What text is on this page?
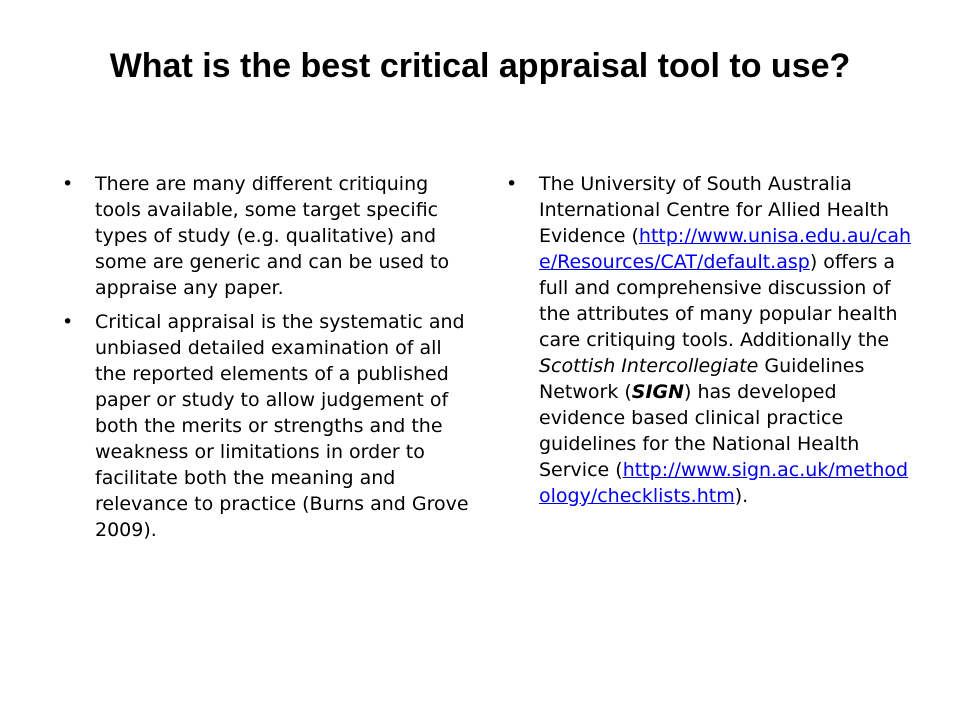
What is the best critical appraisal tool to use?
• There are many different critiquing tools available, some target specific types of study (e.g. qualitative) and some are generic and can be used to appraise any paper.
• Critical appraisal is the systematic and unbiased detailed examination of all the reported elements of a published paper or study to allow judgement of both the merits or strengths and the weakness or limitations in order to facilitate both the meaning and relevance to practice (Burns and Grove 2009).
• The University of South Australia International Centre for Allied Health Evidence (http://www.unisa.edu.au/cahe/Resources/CAT/default.asp) offers a full and comprehensive discussion of the attributes of many popular health care critiquing tools. Additionally the Scottish Intercollegiate Guidelines Network (SIGN) has developed evidence based clinical practice guidelines for the National Health Service (http://www.sign.ac.uk/methodology/checklists.htm).
